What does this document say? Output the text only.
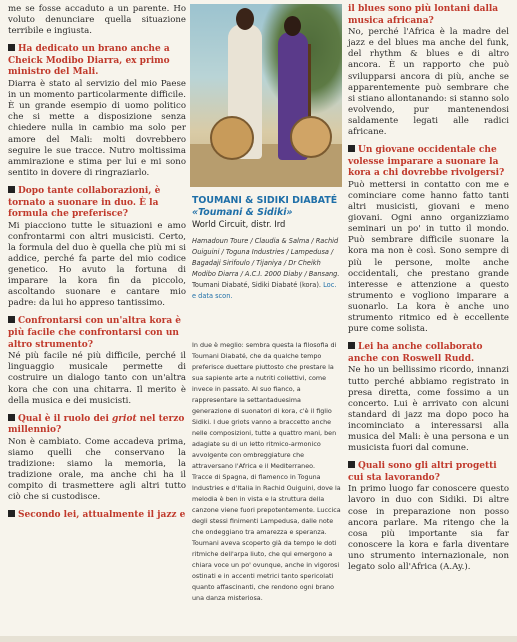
me se fosse accaduto a un parente. Ho voluto denunciare quella situazione terribile e ingiusta.

Ha dedicato un brano anche a Cheick Modibo Diarra, ex primo ministro del Mali.

Diarra è stato al servizio del mio Paese in un momento particolarmente difficile. È un grande esempio di uomo politico che si mette a disposizione senza chiedere nulla in cambio ma solo per amore del Mali: molti dovrebbero seguire le sue tracce. Nutro moltissima ammirazione e stima per lui e mi sono sentito in dovere di ringraziarlo.

Dopo tante collaborazioni, è tornato a suonare in duo. È la formula che preferisce?

Mi piacciono tutte le situazioni e amo confrontarmi con altri musicisti. Certo, la formula del duo è quella che più mi si addice, perché fa parte del mio codice genetico. Ho avuto la fortuna di imparare la kora fin da piccolo, ascoltando suonare e cantare mio padre: da lui ho appreso tantissimo.

Confrontarsi con un'altra kora è più facile che confrontarsi con un altro strumento?

Né più facile né più difficile, perché il linguaggio musicale permette di costruire un dialogo tanto con un'altra kora che con una chitarra. Il merito è della musica e dei musicisti.

Qual è il ruolo dei griot nel terzo millennio?

Non è cambiato. Come accadeva prima, siamo quelli che conservano la tradizione: siamo la memoria, la tradizione orale, ma anche chi ha il compito di trasmettere agli altri tutto ciò che si custodisce.

Secondo lei, attualmente il jazz e
TOUMANI & SIDIKI DIABATÉ
«Toumani & Sidiki»
World Circuit, distr. Ird
Hamadoun Toure / Claudia & Salma / Rachid Ouiguini / Toguna Industries / Lampedusa / Bagadaji Sirifoulo / Tijaniya / Dr Cheikh Modibo Diarra / A.C.I. 2000 Diaby / Bansang. Toumani Diabaté, Sidiki Diabaté (kora). Loc. e data scon.

In due è meglio: sembra questa la filosofia di Toumani Diabaté, che da qualche tempo preferisce duettare piuttosto che prestare la sua sapiente arte a nutriti collettivi, come invece in passato. Al suo fianco, a rappresentare la settantaduesima generazione di suonatori di kora, c'è il figlio Sidiki. I due griots vanno a braccetto anche nelle composizioni, tutte a quattro mani, ben adagiate su di un letto ritmico-armonico avvolgente con ombreggiature che attraversano l'Africa e il Mediterraneo.

Tracce di Spagna, di flamenco in Toguna Industries e d'Italia in Rachid Ouiguini, dove la melodia è ben in vista e la struttura della canzone viene fuori prepotentemente. Luccica degli stessi finimenti Lampedusa, dalle note che ondeggiano tra amarezza e speranza. Toumani aveva scoperto già da tempo le doti ritmiche dell'arpa liuto, che qui emergono a chiara voce un po' ovunque, anche in vigorosi ostinati e in accenti metrici tanto spericolati quanto affascinanti, che rendono ogni brano una danza misteriosa.

il blues sono più lontani dalla musica africana?

No, perché l'Africa è la madre del jazz e del blues ma anche del funk, del rhythm & blues e di altro ancora. È un rapporto che può svilupparsi ancora di più, anche se apparentemente può sembrare che si stiano allontanando: si stanno solo evolvendo, pur mantenendosi saldamente legati alle radici africane.

Un giovane occidentale che volesse imparare a suonare la kora a chi dovrebbe rivolgersi?

Può mettersi in contatto con me e cominciare come hanno fatto tanti altri musicisti, giovani e meno giovani. Ogni anno organizziamo seminari un po' in tutto il mondo. Può sembrare difficile suonare la kora ma non è così. Sono sempre di più le persone, molte anche occidentali, che prestano grande interesse e attenzione a questo strumento e vogliono imparare a suonarlo. La kora è anche uno strumento ritmico ed è eccellente pure come solista.

Lei ha anche collaborato anche con Roswell Rudd.

Ne ho un bellissimo ricordo, innanzi tutto perché abbiamo registrato in presa diretta, come fossimo a un concerto. Lui è arrivato con alcuni standard di jazz ma dopo poco ha incominciato a interessarsi alla musica del Mali: è una persona e un musicista fuori dal comune.

Quali sono gli altri progetti cui sta lavorando?

In primo luogo far conoscere questo lavoro in duo con Sidiki. Di altre cose in preparazione non posso ancora parlare. Ma ritengo che la cosa più importante sia far conoscere la kora e farla diventare uno strumento internazionale, non legato solo all'Africa (A.Ay.).
